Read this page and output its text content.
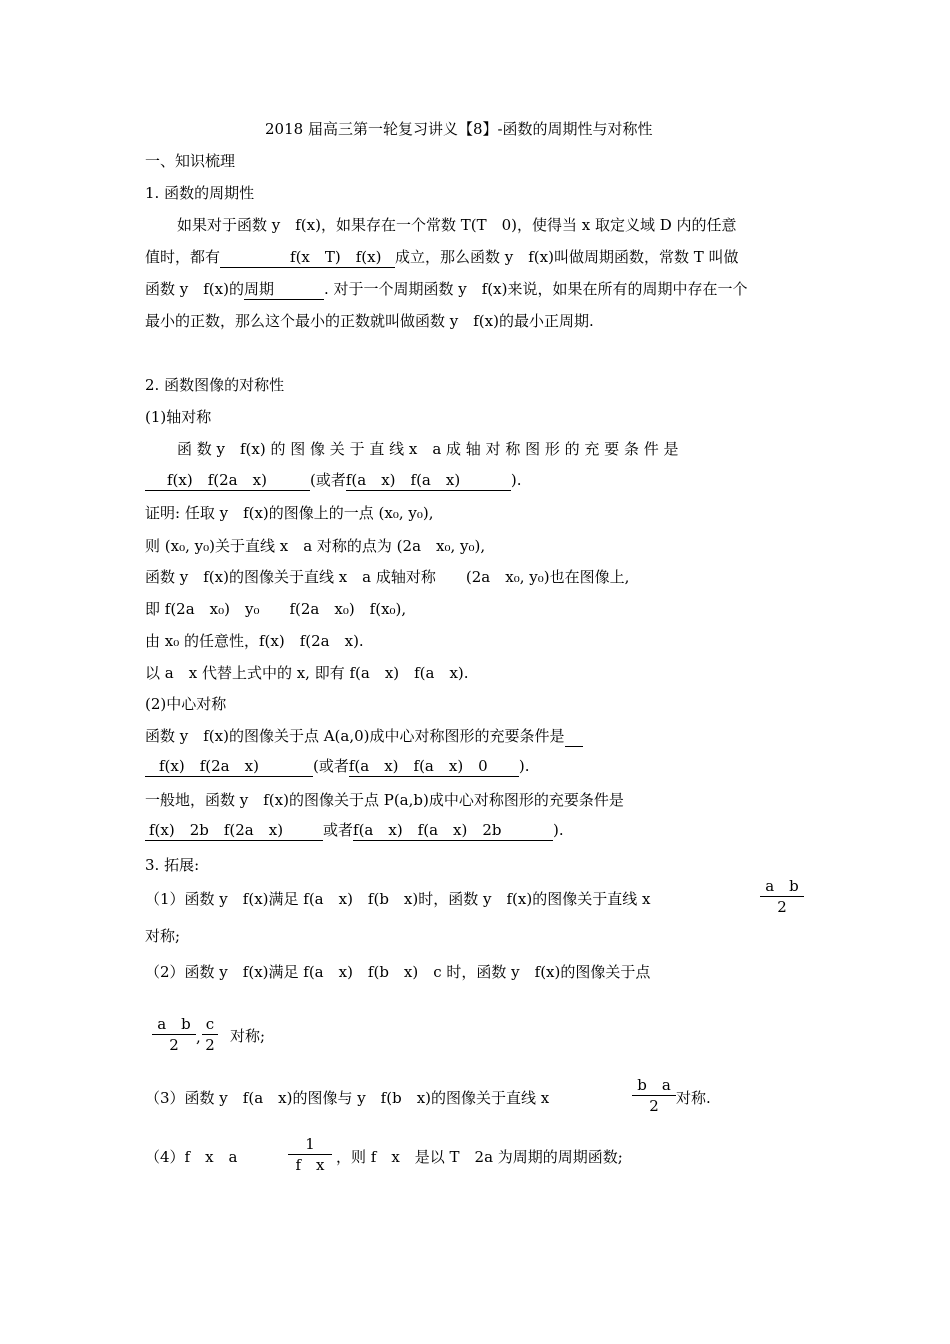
2018 届高三第一轮复习讲义【8】-函数的周期性与对称性
一、知识梳理
1. 函数的周期性
如果对于函数 y　f(x)，如果存在一个常数 T(T　0)，使得当 x 取定义域 D 内的任意
值时，都有	f(x　T)　f(x) 成立，那么函数 y　f(x)叫做周期函数，常数 T 叫做
函数 y　f(x)的周期	. 对于一个周期函数 y　f(x)来说，如果在所有的周期中存在一个
最小的正数，那么这个最小的正数就叫做函数 y　f(x)的最小正周期.
2. 函数图像的对称性
(1)轴对称
函 数 y　f(x) 的 图 像 关 于 直 线 x　a 成 轴 对 称 图 形 的 充 要 条 件 是
f(x)　f(2a　x)	(或者f(a　x)　f(a　x)	).
证明: 任取 y　f(x)的图像上的一点 (x₀, y₀),
则 (x₀, y₀)关于直线 x　a 对称的点为 (2a　x₀, y₀),
函数 y　f(x)的图像关于直线 x　a 成轴对称　　(2a　x₀, y₀)也在图像上,
即 f(2a　x₀)　y₀　　f(2a　x₀)　f(x₀),
由 x₀ 的任意性，f(x)　f(2a　x).
以 a　x 代替上式中的 x, 即有 f(a　x)　f(a　x).
(2)中心对称
函数 y　f(x)的图像关于点 A(a,0)成中心对称图形的充要条件是
f(x)　f(2a　x)	(或者f(a　x)　f(a　x)　0 ).
一般地，函数 y　f(x)的图像关于点 P(a,b)成中心对称图形的充要条件是
f(x)　2b　f(2a　x)	或者f(a　x)　f(a　x)　2b	).
3. 拓展:
（1）函数 y　f(x)满足 f(a　x)　f(b　x)时，函数 y　f(x)的图像关于直线 x
a　b
2
对称;
（2）函数 y　f(x)满足 f(a　x)　f(b　x)　c 时，函数 y　f(x)的图像关于点
a　b
2	,
c
2 对称;
（3）函数 y　f(a　x)的图像与 y　f(b　x)的图像关于直线 x
b　a
2	对称.
（4）f　x　a
1
f　x ，则 f　x　是以 T　2a 为周期的周期函数;
